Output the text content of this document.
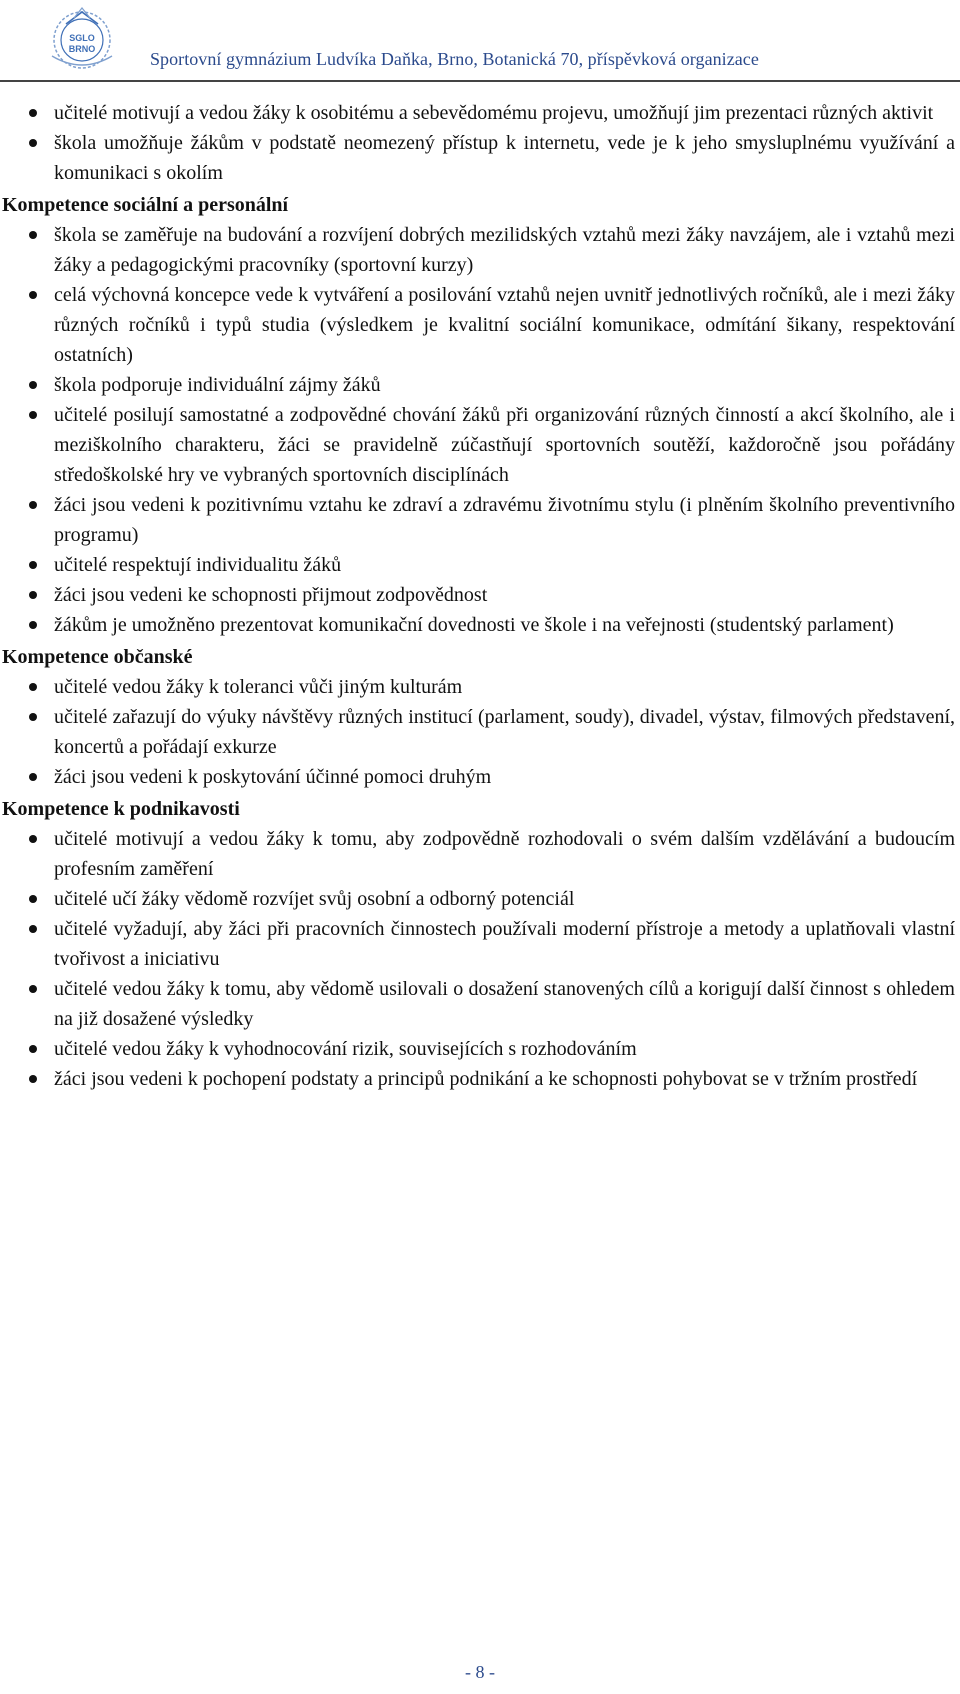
SGLO
BRNO	Sportovní gymnázium Ludvíka Daňka, Brno, Botanická 70, příspěvková organizace
učitelé motivují a vedou žáky k osobitému a sebevědomému projevu, umožňují jim prezentaci různých aktivit
škola umožňuje žákům v podstatě neomezený přístup k internetu, vede je k jeho smysluplnému využívání a komunikaci s okolím
Kompetence sociální a personální
škola se zaměřuje na budování a rozvíjení dobrých mezilidských vztahů mezi žáky navzájem, ale i vztahů mezi žáky a pedagogickými pracovníky (sportovní kurzy)
celá výchovná koncepce vede k vytváření a posilování vztahů nejen uvnitř jednotlivých ročníků, ale i mezi žáky různých ročníků i typů studia (výsledkem je kvalitní sociální komunikace, odmítání šikany, respektování ostatních)
škola podporuje individuální zájmy žáků
učitelé posilují samostatné a zodpovědné chování žáků při organizování různých činností a akcí školního, ale i meziškolního charakteru, žáci se pravidelně zúčastňují sportovních soutěží, každoročně jsou pořádány středoškolské hry ve vybraných sportovních disciplínách
žáci jsou vedeni k pozitivnímu vztahu ke zdraví a zdravému životnímu stylu (i plněním školního preventivního programu)
učitelé respektují individualitu žáků
žáci jsou vedeni ke schopnosti přijmout zodpovědnost
žákům je umožněno prezentovat komunikační dovednosti ve škole i na veřejnosti (studentský parlament)
Kompetence občanské
učitelé vedou žáky k toleranci vůči jiným kulturám
učitelé zařazují do výuky návštěvy různých institucí (parlament, soudy), divadel, výstav, filmových představení, koncertů a pořádají exkurze
žáci jsou vedeni k poskytování účinné pomoci druhým
Kompetence k podnikavosti
učitelé motivují a vedou žáky k tomu, aby zodpovědně rozhodovali o svém dalším vzdělávání a budoucím profesním zaměření
učitelé učí žáky vědomě rozvíjet svůj osobní a odborný potenciál
učitelé vyžadují, aby žáci při pracovních činnostech používali moderní přístroje a metody a uplatňovali vlastní tvořivost a iniciativu
učitelé vedou žáky k tomu, aby vědomě usilovali o dosažení stanovených cílů a korigují další činnost s ohledem na již dosažené výsledky
učitelé vedou žáky k vyhodnocování rizik, souvisejících s rozhodováním
žáci jsou vedeni k pochopení podstaty a principů podnikání a ke schopnosti pohybovat se v tržním prostředí
- 8 -
